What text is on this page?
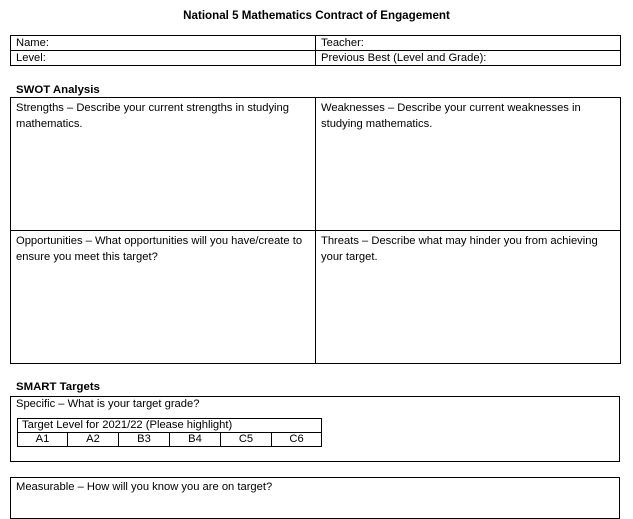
National 5 Mathematics Contract of Engagement
Name:	Teacher:
Level:	Previous Best (Level and Grade):
SWOT Analysis
Strengths – Describe your current strengths in studying mathematics.	Weaknesses – Describe your current weaknesses in studying mathematics.
Opportunities – What opportunities will you have/create to ensure you meet this target?	Threats – Describe what may hinder you from achieving your target.
SMART Targets
Specific – What is your target grade?
Target Level for 2021/22 (Please highlight)
A1	A2	B3	B4	C5	C6
Measurable – How will you know you are on target?
